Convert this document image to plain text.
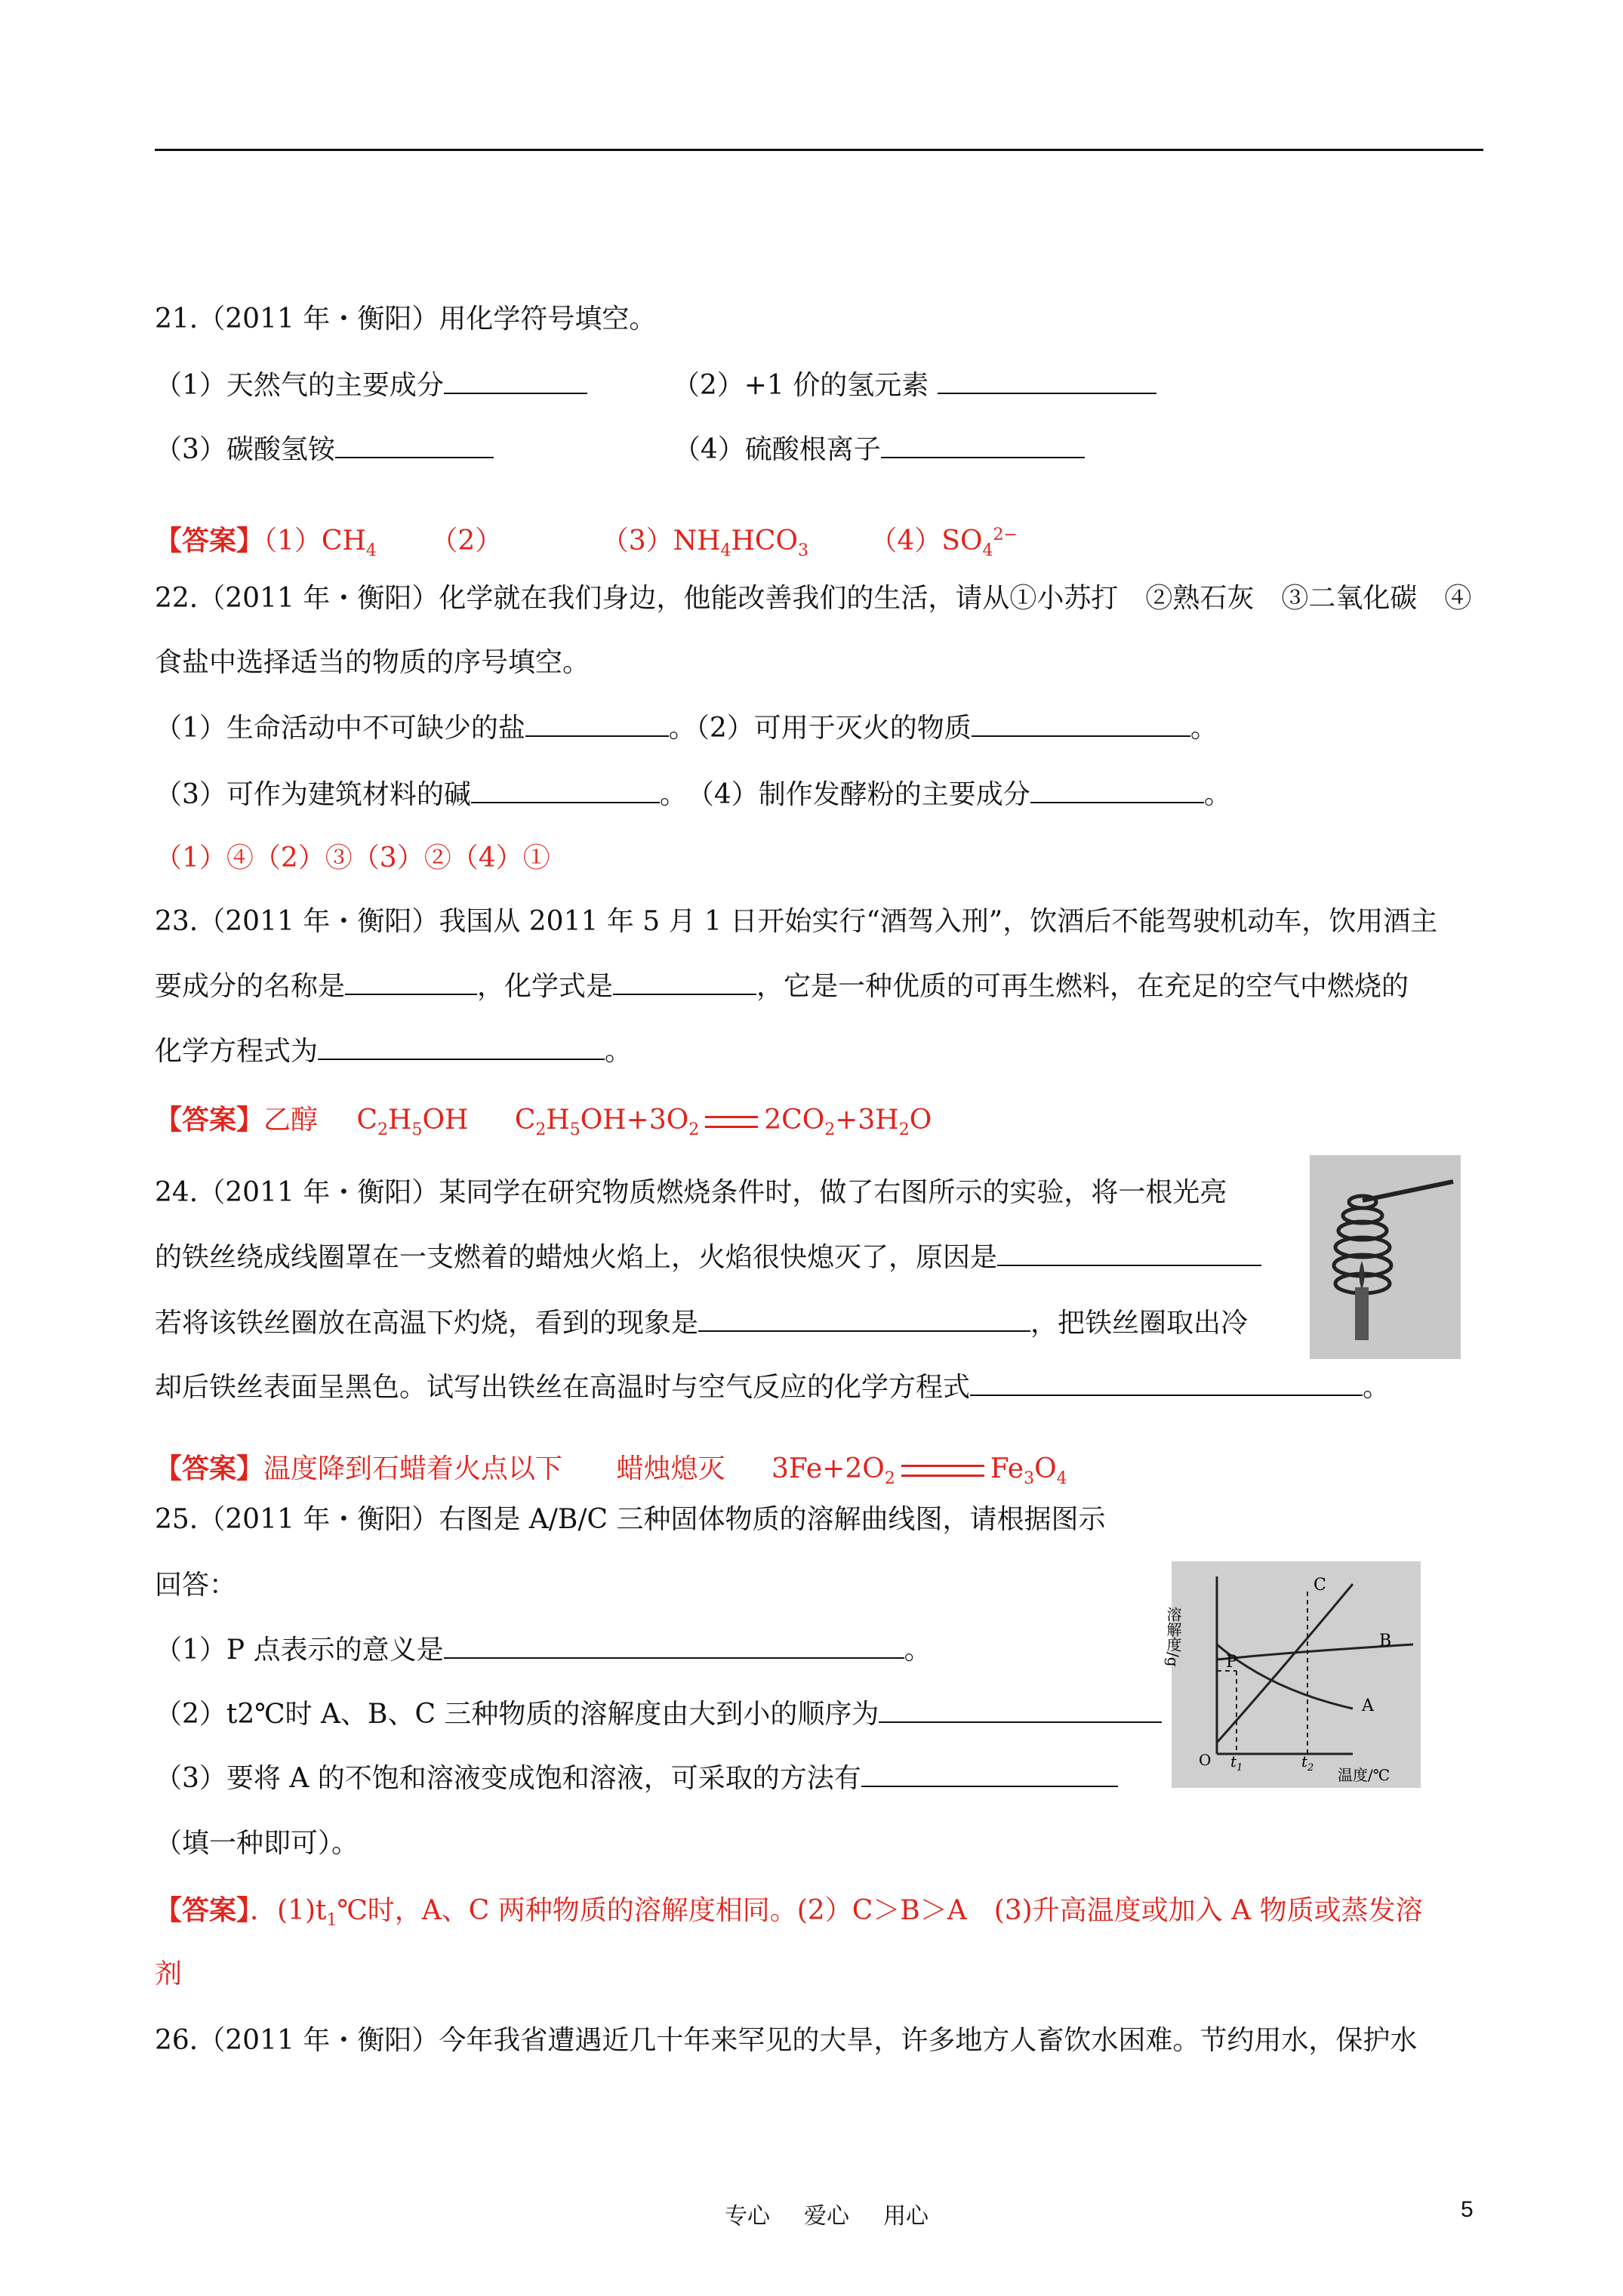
21.（2011 年・衡阳）用化学符号填空。
（1）天然气的主要成分	（2）+1 价的氢元素
（3）碳酸氢铵	（4）硫酸根离子
【答案】$(1)CH_4$ （2）	$(3)NH_4HCO_3$ $(4)SO_4^{2-}$
22.（2011 年・衡阳）化学就在我们身边，他能改善我们的生活，请从①小苏打　②熟石灰　③二氧化碳　④
食盐中选择适当的物质的序号填空。
（1）生命活动中不可缺少的盐	。（2）可用于灭火的物质	。
（3）可作为建筑材料的碱	。　（4）制作发酵粉的主要成分	。
（1）④（2）③（3）②（4）①
23.（2011 年・衡阳）我国从 2011 年 5 月 1 日开始实行“酒驾入刑”，饮酒后不能驾驶机动车，饮用酒主
要成分的名称是	，化学式是	，它是一种优质的可再生燃料，在充足的空气中燃烧的
化学方程式为	。
【答案】乙醇 $C_2H_5OH$ $C_2H_5OH+3O_2$ $2CO_2+3H_2O$
24.（2011 年・衡阳）某同学在研究物质燃烧条件时，做了右图所示的实验，将一根光亮
的铁丝绕成线圈罩在一支燃着的蜡烛火焰上，火焰很快熄灭了，原因是
若将该铁丝圈放在高温下灼烧，看到的现象是	，把铁丝圈取出冷
却后铁丝表面呈黑色。试写出铁丝在高温时与空气反应的化学方程式	。
【答案】温度降到石蜡着火点以下 蜡烛熄灭 $3Fe+2O_2$	$Fe_3O_4$
25.（2011 年・衡阳）右图是 A/B/C 三种固体物质的溶解曲线图，请根据图示
回答：
（1）P 点表示的意义是	。
（2）t2℃时 A、B、C 三种物质的溶解度由大到小的顺序为
（3）要将 A 的不饱和溶液变成饱和溶液，可采取的方法有
（填一种即可）。
【答案】．$(1)t_1℃$时，A、C 两种物质的溶解度相同。(2）C＞B＞A　(3)升高温度或加入 A 物质或蒸发溶
剂
溶解度/g
温度/℃
O $t_1$	$t_2$
P
C
B
A
26.（2011 年・衡阳）今年我省遭遇近几十年来罕见的大旱，许多地方人畜饮水困难。节约用水，保护水
专心 爱心 用心	5
